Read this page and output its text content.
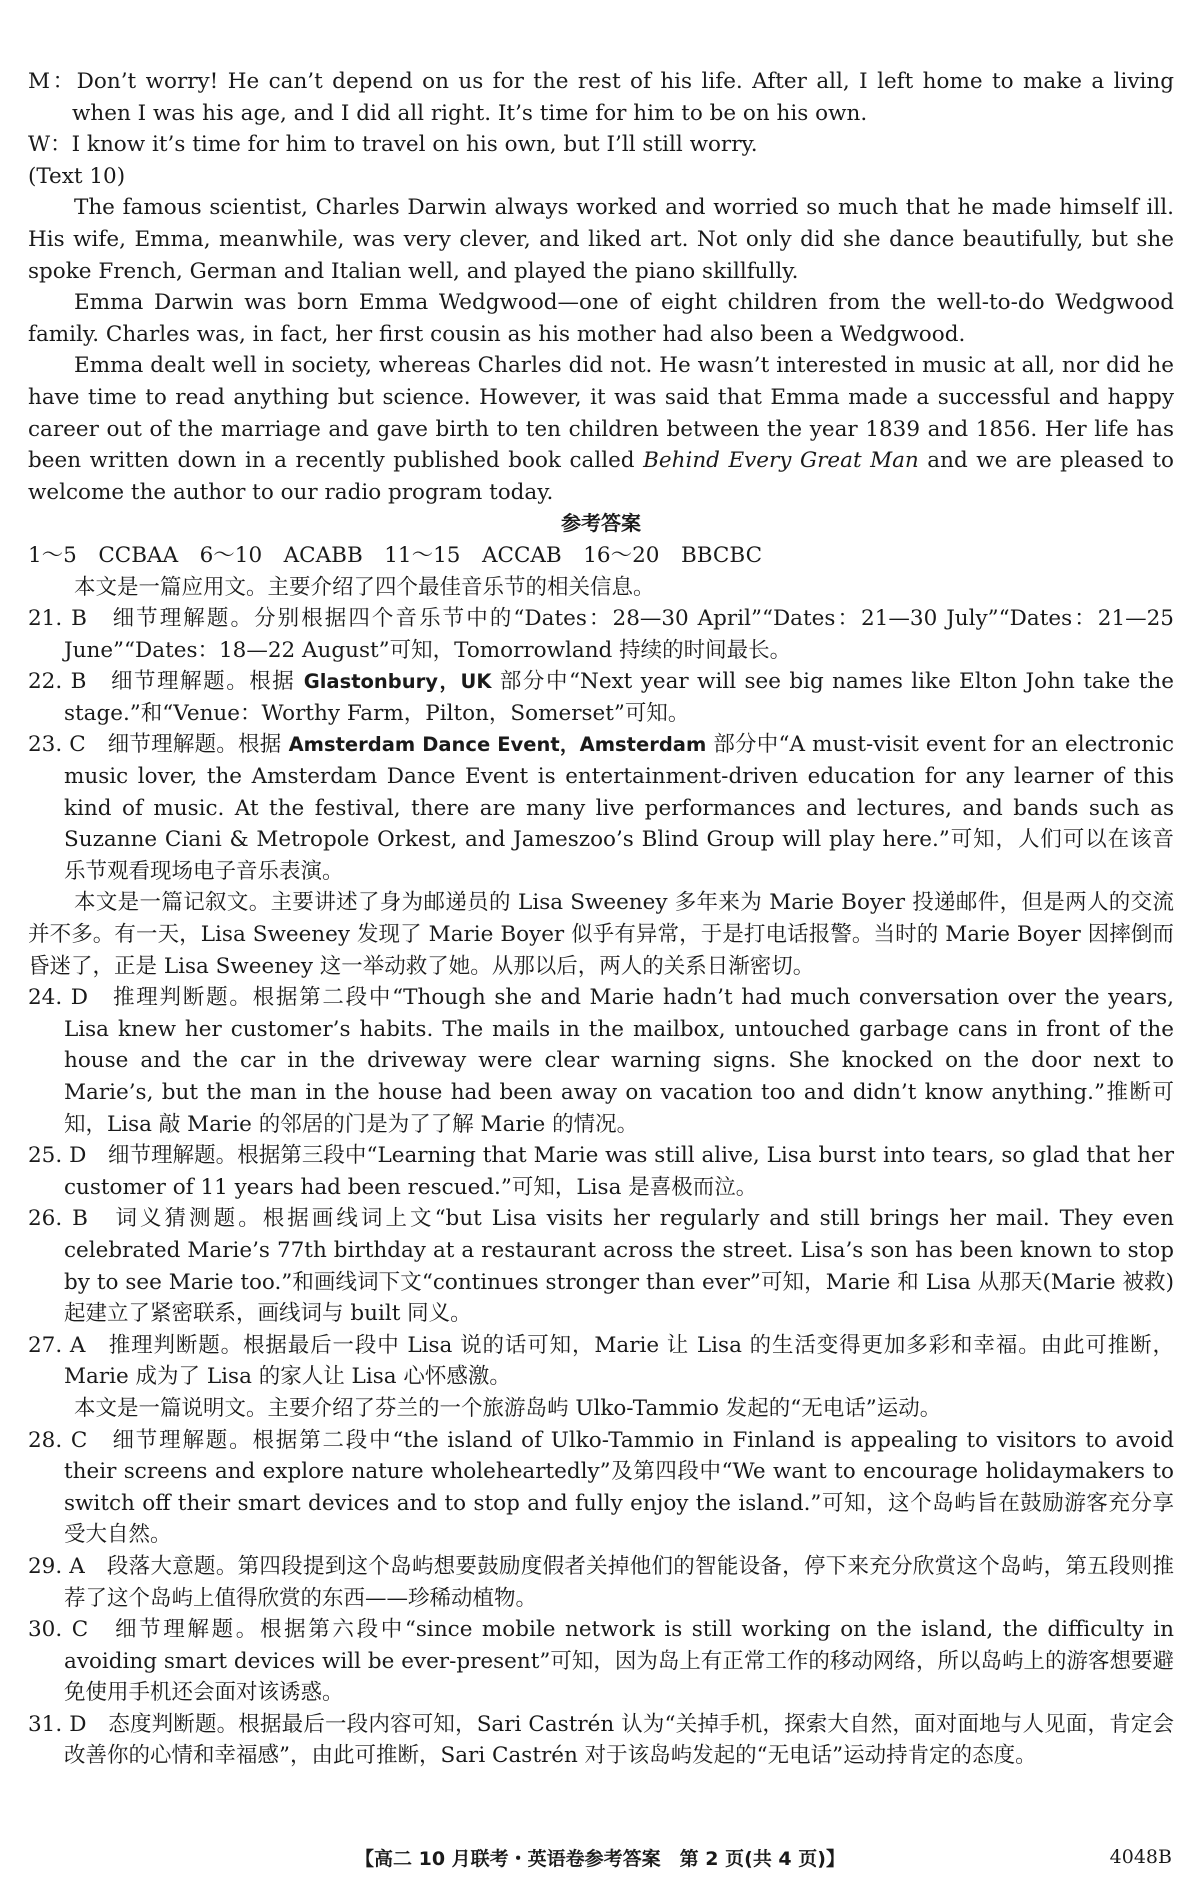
M：Don’t worry! He can’t depend on us for the rest of his life. After all, I left home to make a living when I was his age, and I did all right. It’s time for him to be on his own.
W：I know it’s time for him to travel on his own, but I’ll still worry.
(Text 10)
The famous scientist, Charles Darwin always worked and worried so much that he made himself ill. His wife, Emma, meanwhile, was very clever, and liked art. Not only did she dance beautifully, but she spoke French, German and Italian well, and played the piano skillfully.
Emma Darwin was born Emma Wedgwood—one of eight children from the well-to-do Wedgwood family. Charles was, in fact, her first cousin as his mother had also been a Wedgwood.
Emma dealt well in society, whereas Charles did not. He wasn’t interested in music at all, nor did he have time to read anything but science. However, it was said that Emma made a successful and happy career out of the marriage and gave birth to ten children between the year 1839 and 1856. Her life has been written down in a recently published book called Behind Every Great Man and we are pleased to welcome the author to our radio program today.
参考答案
1～5　CCBAA　6～10　ACABB　11～15　ACCAB　16～20　BBCBC
本文是一篇应用文。主要介绍了四个最佳音乐节的相关信息。
21. B　细节理解题。分别根据四个音乐节中的“Dates：28—30 April”“Dates：21—30 July”“Dates：21—25 June”“Dates：18—22 August”可知，Tomorrowland 持续的时间最长。
22. B　细节理解题。根据 Glastonbury，UK 部分中“Next year will see big names like Elton John take the stage.”和“Venue：Worthy Farm，Pilton，Somerset”可知。
23. C　细节理解题。根据 Amsterdam Dance Event，Amsterdam 部分中“A must-visit event for an electronic music lover, the Amsterdam Dance Event is entertainment-driven education for any learner of this kind of music. At the festival, there are many live performances and lectures, and bands such as Suzanne Ciani & Metropole Orkest, and Jameszoo’s Blind Group will play here.”可知，人们可以在该音乐节观看现场电子音乐表演。
本文是一篇记叙文。主要讲述了身为邮递员的 Lisa Sweeney 多年来为 Marie Boyer 投递邮件，但是两人的交流并不多。有一天，Lisa Sweeney 发现了 Marie Boyer 似乎有异常，于是打电话报警。当时的 Marie Boyer 因摔倒而昏迷了，正是 Lisa Sweeney 这一举动救了她。从那以后，两人的关系日渐密切。
24. D　推理判断题。根据第二段中“Though she and Marie hadn’t had much conversation over the years, Lisa knew her customer’s habits. The mails in the mailbox, untouched garbage cans in front of the house and the car in the driveway were clear warning signs. She knocked on the door next to Marie’s, but the man in the house had been away on vacation too and didn’t know anything.”推断可知，Lisa 敲 Marie 的邻居的门是为了了解 Marie 的情况。
25. D　细节理解题。根据第三段中“Learning that Marie was still alive, Lisa burst into tears, so glad that her customer of 11 years had been rescued.”可知，Lisa 是喜极而泣。
26. B　词义猜测题。根据画线词上文“but Lisa visits her regularly and still brings her mail. They even celebrated Marie’s 77th birthday at a restaurant across the street. Lisa’s son has been known to stop by to see Marie too.”和画线词下文“continues stronger than ever”可知，Marie 和 Lisa 从那天(Marie 被救)起建立了紧密联系，画线词与 built 同义。
27. A　推理判断题。根据最后一段中 Lisa 说的话可知，Marie 让 Lisa 的生活变得更加多彩和幸福。由此可推断，Marie 成为了 Lisa 的家人让 Lisa 心怀感激。
本文是一篇说明文。主要介绍了芬兰的一个旅游岛屿 Ulko-Tammio 发起的“无电话”运动。
28. C　细节理解题。根据第二段中“the island of Ulko-Tammio in Finland is appealing to visitors to avoid their screens and explore nature wholeheartedly”及第四段中“We want to encourage holidaymakers to switch off their smart devices and to stop and fully enjoy the island.”可知，这个岛屿旨在鼓励游客充分享受大自然。
29. A　段落大意题。第四段提到这个岛屿想要鼓励度假者关掉他们的智能设备，停下来充分欣赏这个岛屿，第五段则推荐了这个岛屿上值得欣赏的东西——珍稀动植物。
30. C　细节理解题。根据第六段中“since mobile network is still working on the island, the difficulty in avoiding smart devices will be ever-present”可知，因为岛上有正常工作的移动网络，所以岛屿上的游客想要避免使用手机还会面对该诱惑。
31. D　态度判断题。根据最后一段内容可知，Sari Castrén 认为“关掉手机，探索大自然，面对面地与人见面，肯定会改善你的心情和幸福感”，由此可推断，Sari Castrén 对于该岛屿发起的“无电话”运动持肯定的态度。
【高二 10 月联考・英语卷参考答案　第 2 页(共 4 页)】	4048B
